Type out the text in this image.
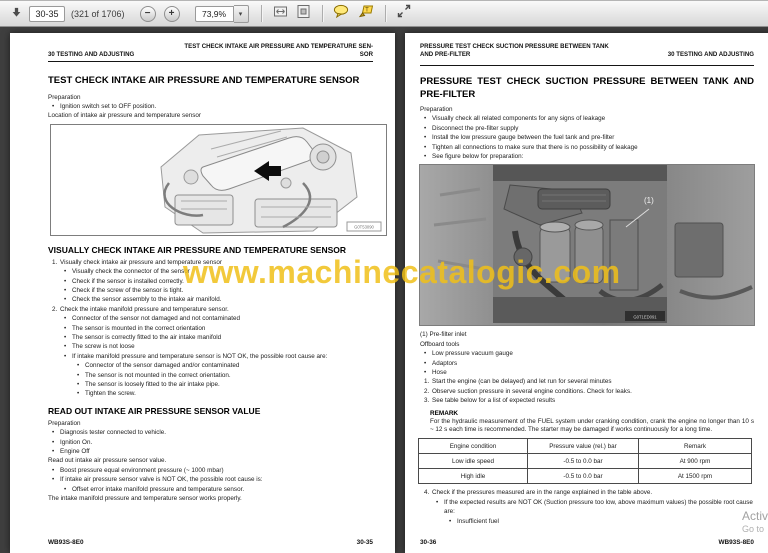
30-35
(321 of 1706) − +	73,9%	▾	T
30 TESTING AND ADJUSTING
TEST CHECK INTAKE AIR PRESSURE AND TEMPERATURE SEN-
SOR
TEST CHECK INTAKE AIR PRESSURE AND TEMPERATURE SENSOR
Preparation
• Ignition switch set to OFF position.
Location of intake air pressure and temperature sensor
G0T53090
VISUALLY CHECK INTAKE AIR PRESSURE AND TEMPERATURE SENSOR
1. Visually check intake air pressure and temperature sensor
• Visually check the connector of the sensor
• Check if the sensor is installed correctly.
• Check if the screw of the sensor is tight.
• Check the sensor assembly to the intake air manifold.
2. Check the intake manifold pressure and temperature sensor.
• Connector of the sensor not damaged and not contaminated
• The sensor is mounted in the correct orientation
• The sensor is correctly fitted to the air intake manifold
• The screw is not loose
• If intake manifold pressure and temperature sensor is NOT OK, the possible root cause are:
• Connector of the sensor damaged and/or contaminated
• The sensor is not mounted in the correct orientation.
• The sensor is loosely fitted to the air intake pipe.
• Tighten the screw.
READ OUT INTAKE AIR PRESSURE SENSOR VALUE
Preparation
• Diagnosis tester connected to vehicle.
• Ignition On.
• Engine Off
Read out intake air pressure sensor value.
• Boost pressure equal environment pressure (~ 1000 mbar)
• If intake air pressure sensor valve is NOT OK, the possible root cause is:
• Offset error intake manifold pressure and temperature sensor.
The intake manifold pressure and temperature sensor works properly.
WB93S-8E0	30-35
PRESSURE TEST CHECK SUCTION PRESSURE BETWEEN TANK
AND PRE-FILTER	30 TESTING AND ADJUSTING
PRESSURE TEST CHECK SUCTION PRESSURE BETWEEN TANK AND PRE-FILTER
Preparation
• Visually check all related components for any signs of leakage
• Disconnect the pre-filter supply
• Install the low pressure gauge between the fuel tank and pre-filter
• Tighten all connections to make sure that there is no possibility of leakage
• See figure below for preparation:
(1)
G0T1ED091
(1) Pre-filter inlet
Offboard tools
• Low pressure vacuum gauge
• Adaptors
• Hose
1. Start the engine (can be delayed) and let run for several minutes
2. Observe suction pressure in several engine conditions. Check for leaks.
3. See table below for a list of expected results
REMARK
For the hydraulic measurement of the FUEL system under cranking condition, crank the engine no longer than 10 s ~ 12 s each time is recommended. The starter may be damaged if works continuously for a long time.
Engine condition	Pressure value (rel.) bar	Remark
Low idle speed	-0.5 to 0.0 bar	At 900 rpm
High idle	-0.5 to 0.0 bar	At 1500 rpm
4. Check if the pressures measured are in the range explained in the table above.
• If the expected results are NOT OK (Suction pressure too low, above maximum values) the possible root cause are:
• Insufficient fuel
30-36	WB93S-8E0
www.machinecatalogic.com
Activ
Go to
